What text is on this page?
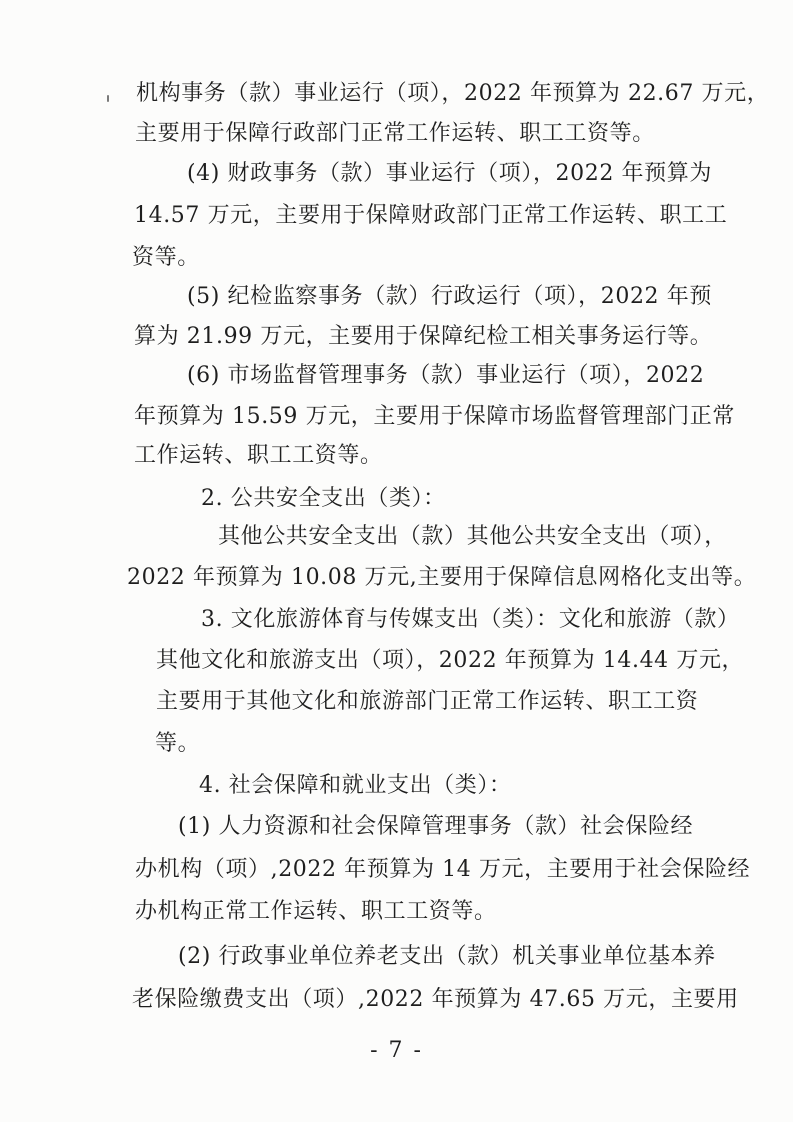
机构事务（款）事业运行（项），2022 年预算为 22.67 万元，
主要用于保障行政部门正常工作运转、职工工资等。
(4) 财政事务（款）事业运行（项），2022 年预算为
14.57 万元，主要用于保障财政部门正常工作运转、职工工
资等。
(5) 纪检监察事务（款）行政运行（项），2022 年预
算为 21.99 万元，主要用于保障纪检工相关事务运行等。
(6) 市场监督管理事务（款）事业运行（项），2022
年预算为 15.59 万元，主要用于保障市场监督管理部门正常
工作运转、职工工资等。
2. 公共安全支出（类）：
其他公共安全支出（款）其他公共安全支出（项），
2022 年预算为 10.08 万元,主要用于保障信息网格化支出等。
3. 文化旅游体育与传媒支出（类）：文化和旅游（款）
其他文化和旅游支出（项），2022 年预算为 14.44 万元，
主要用于其他文化和旅游部门正常工作运转、职工工资
等。
4. 社会保障和就业支出（类）：
(1) 人力资源和社会保障管理事务（款）社会保险经
办机构（项）,2022 年预算为 14 万元，主要用于社会保险经
办机构正常工作运转、职工工资等。
(2) 行政事业单位养老支出（款）机关事业单位基本养
老保险缴费支出（项）,2022 年预算为 47.65 万元，主要用
- 7 -
